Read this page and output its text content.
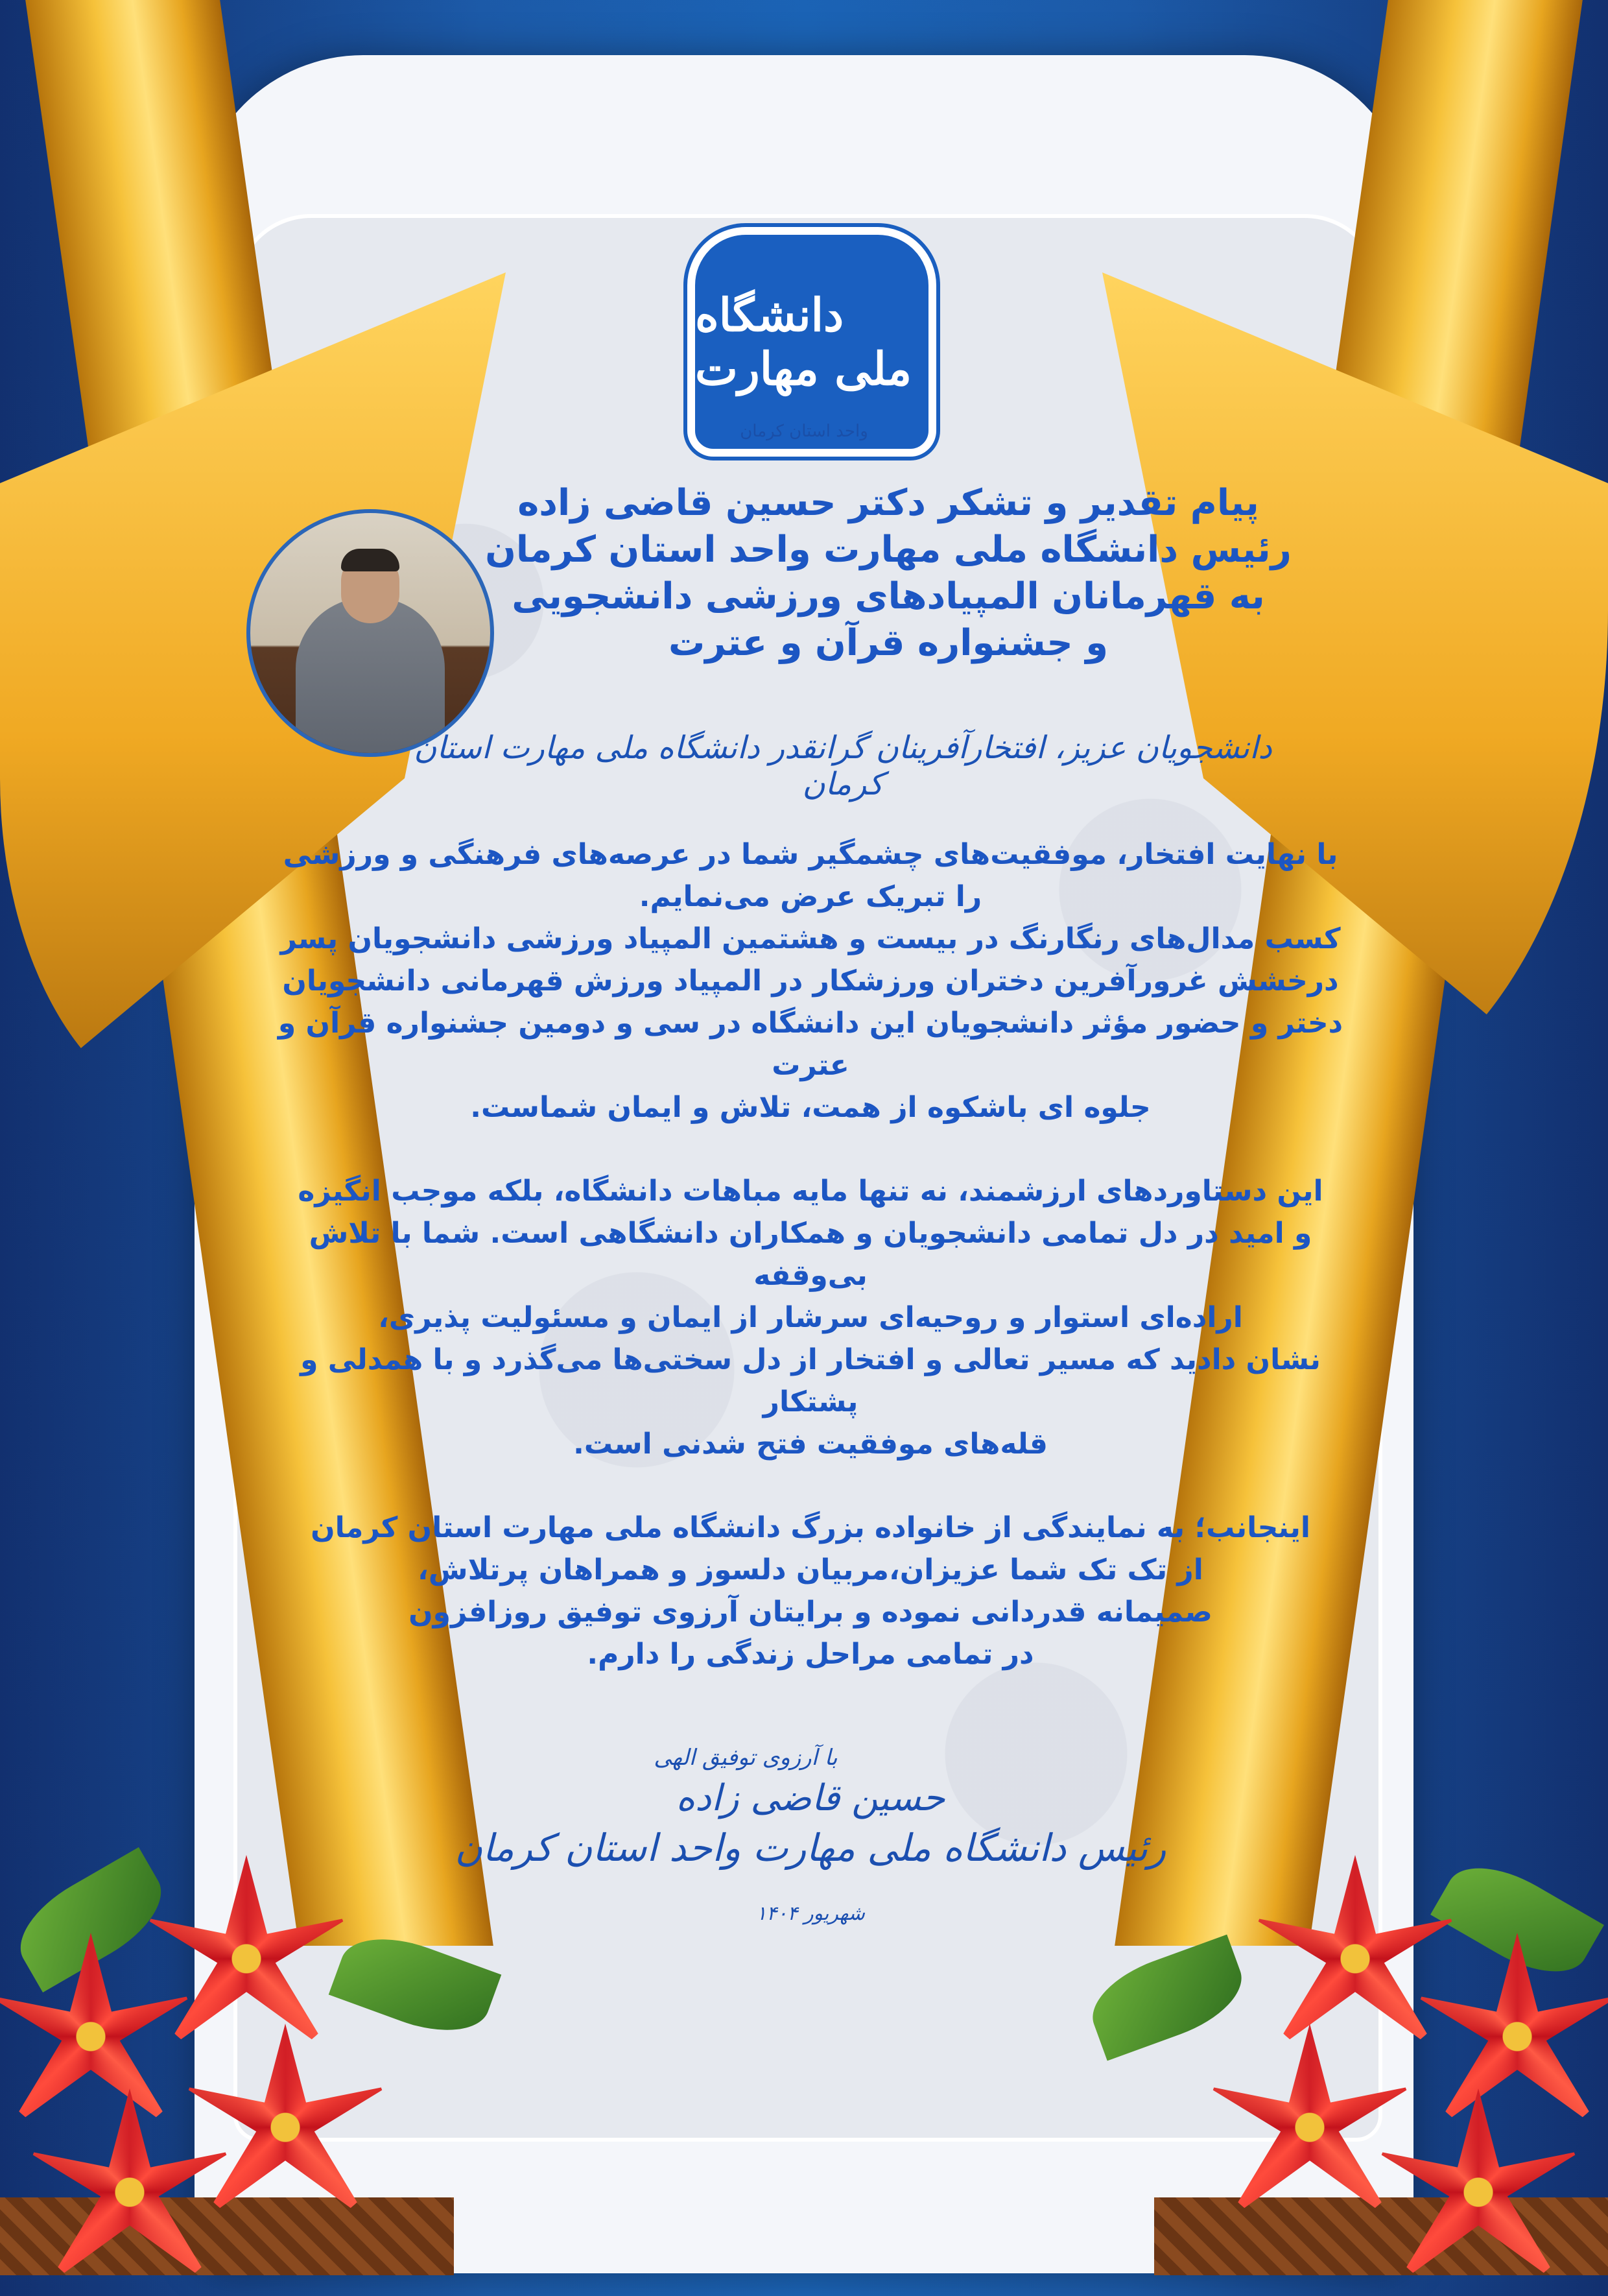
دانشگاه ملی مهارت
واحد استان کرمان
پیام تقدیر و تشکر دکتر حسین قاضی زاده
رئیس دانشگاه ملی مهارت واحد استان کرمان
به قهرمانان المپیادهای ورزشی دانشجویی
و جشنواره قرآن و عترت
دانشجویان عزیز، افتخارآفرینان گرانقدر دانشگاه ملی مهارت استان کرمان
با نهایت افتخار، موفقیت‌های چشمگیر شما در عرصه‌های فرهنگی و ورزشی
را تبریک عرض می‌نمایم.
کسب مدال‌های رنگارنگ در بیست و هشتمین المپیاد ورزشی دانشجویان پسر
درخشش غرورآفرین دختران ورزشکار در المپیاد ورزش قهرمانی دانشجویان
دختر و حضور مؤثر دانشجویان این دانشگاه در سی و دومین جشنواره قرآن و عترت
جلوه ای باشکوه از همت، تلاش و ایمان شماست.
این دستاوردهای ارزشمند، نه تنها مایه مباهات دانشگاه، بلکه موجب انگیزه
و امید در دل تمامی دانشجویان و همکاران دانشگاهی است. شما با تلاش بی‌وقفه
اراده‌ای استوار و روحیه‌ای سرشار از ایمان و مسئولیت پذیری،
نشان دادید که مسیر تعالی و افتخار از دل سختی‌ها می‌گذرد و با همدلی و پشتکار
قله‌های موفقیت فتح شدنی است.
اینجانب؛ به نمایندگی از خانواده بزرگ دانشگاه ملی مهارت استان کرمان
از تک تک شما عزیزان،مربیان دلسوز و همراهان پرتلاش،
صمیمانه قدردانی نموده و برایتان آرزوی توفیق روزافزون
در تمامی مراحل زندگی را دارم.
با آرزوی توفیق الهی
حسین قاضی زاده
رئیس دانشگاه ملی مهارت واحد استان کرمان
شهریور ۱۴۰۴
